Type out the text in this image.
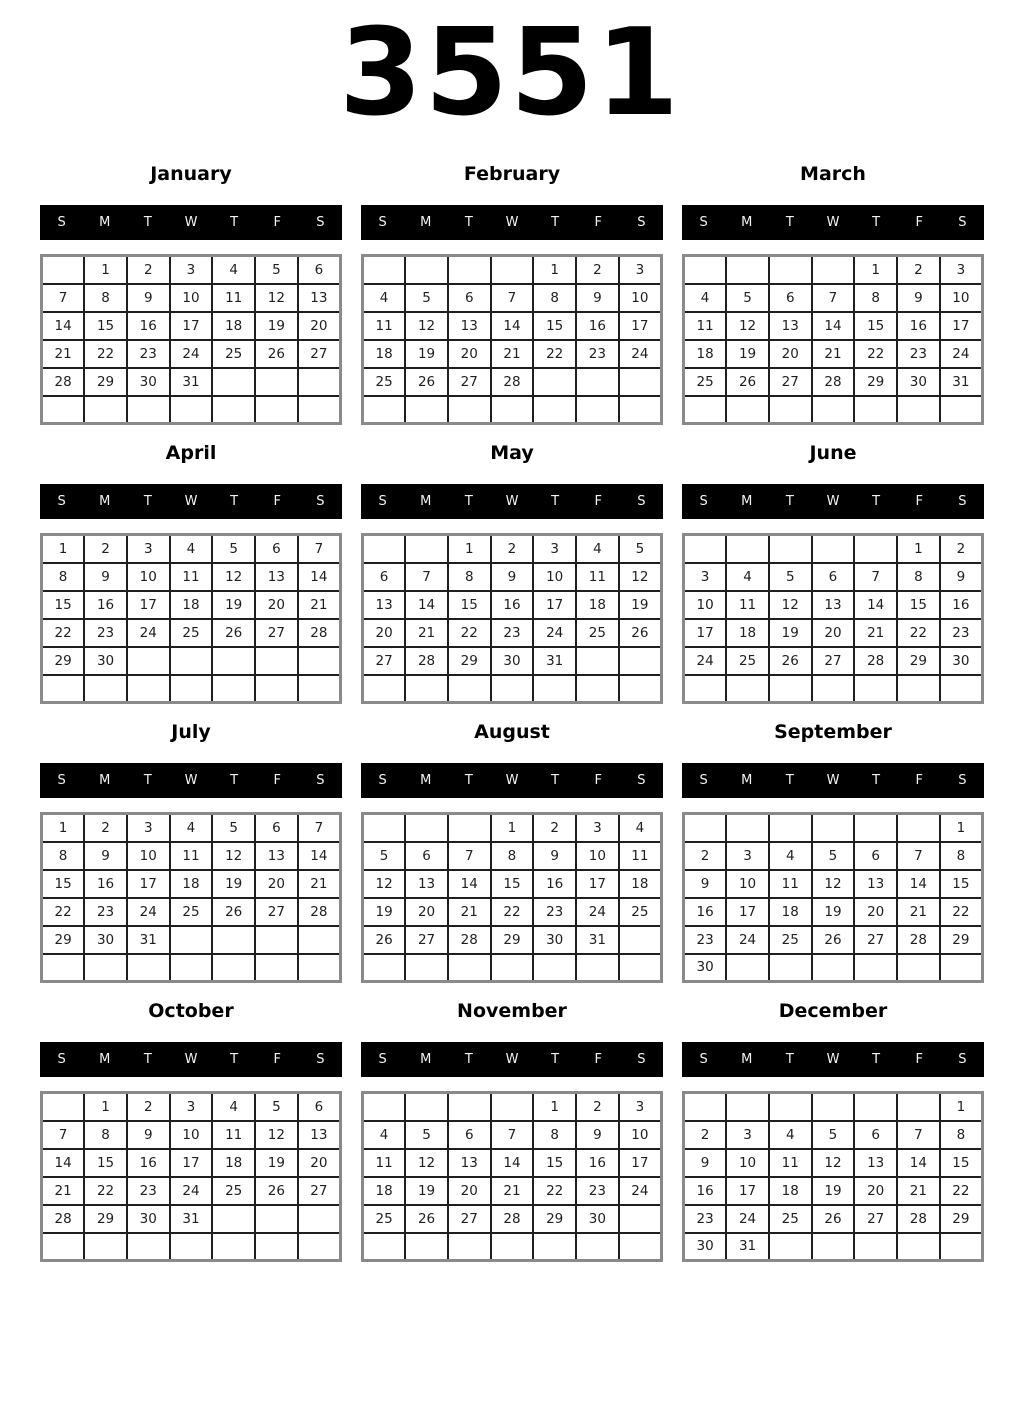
3551
January
S	M	T	W	T	F	S
	1	2	3	4	5	6
7	8	9	10	11	12	13
14	15	16	17	18	19	20
21	22	23	24	25	26	27
28	29	30	31			

February
S	M	T	W	T	F	S
				1	2	3
4	5	6	7	8	9	10
11	12	13	14	15	16	17
18	19	20	21	22	23	24
25	26	27	28			

March
S	M	T	W	T	F	S
				1	2	3
4	5	6	7	8	9	10
11	12	13	14	15	16	17
18	19	20	21	22	23	24
25	26	27	28	29	30	31

April
S	M	T	W	T	F	S
1	2	3	4	5	6	7
8	9	10	11	12	13	14
15	16	17	18	19	20	21
22	23	24	25	26	27	28
29	30					

May
S	M	T	W	T	F	S
		1	2	3	4	5
6	7	8	9	10	11	12
13	14	15	16	17	18	19
20	21	22	23	24	25	26
27	28	29	30	31		

June
S	M	T	W	T	F	S
					1	2
3	4	5	6	7	8	9
10	11	12	13	14	15	16
17	18	19	20	21	22	23
24	25	26	27	28	29	30

July
S	M	T	W	T	F	S
1	2	3	4	5	6	7
8	9	10	11	12	13	14
15	16	17	18	19	20	21
22	23	24	25	26	27	28
29	30	31				

August
S	M	T	W	T	F	S
			1	2	3	4
5	6	7	8	9	10	11
12	13	14	15	16	17	18
19	20	21	22	23	24	25
26	27	28	29	30	31	

September
S	M	T	W	T	F	S
						1
2	3	4	5	6	7	8
9	10	11	12	13	14	15
16	17	18	19	20	21	22
23	24	25	26	27	28	29
30						
October
S	M	T	W	T	F	S
	1	2	3	4	5	6
7	8	9	10	11	12	13
14	15	16	17	18	19	20
21	22	23	24	25	26	27
28	29	30	31			

November
S	M	T	W	T	F	S
				1	2	3
4	5	6	7	8	9	10
11	12	13	14	15	16	17
18	19	20	21	22	23	24
25	26	27	28	29	30	

December
S	M	T	W	T	F	S
						1
2	3	4	5	6	7	8
9	10	11	12	13	14	15
16	17	18	19	20	21	22
23	24	25	26	27	28	29
30	31					
